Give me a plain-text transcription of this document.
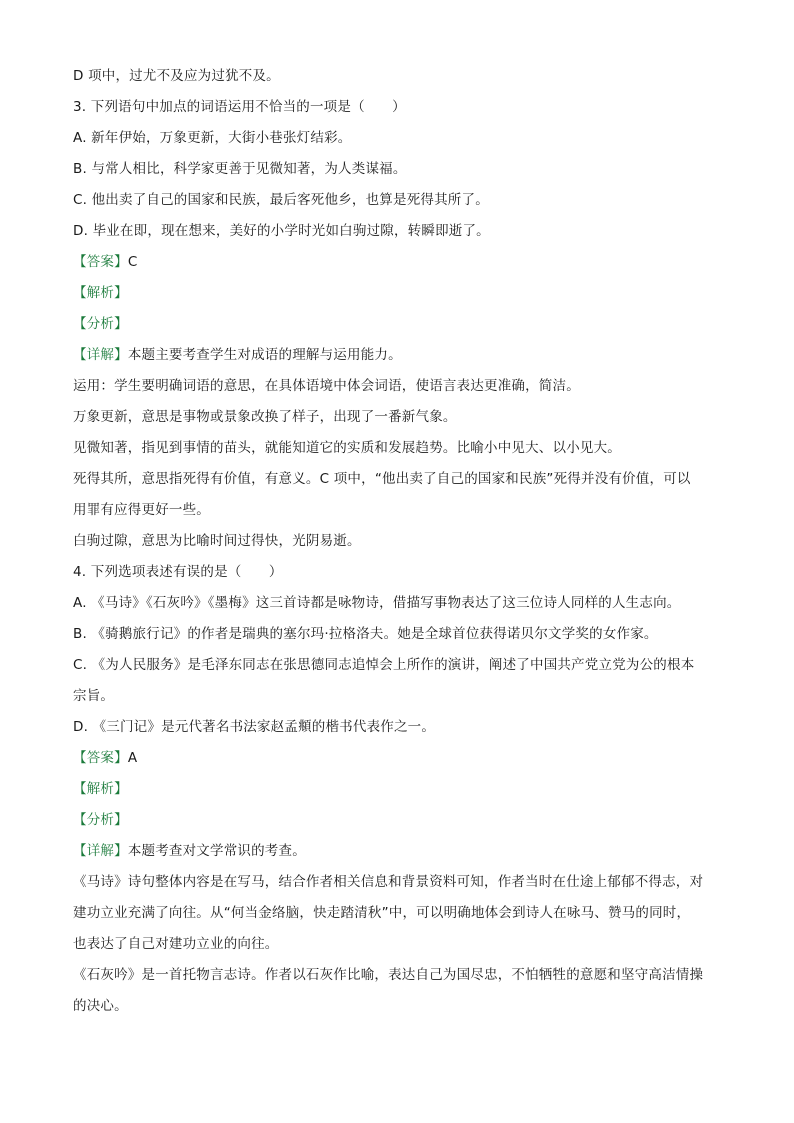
D 项中，过尤不及应为过犹不及。
3. 下列语句中加点的词语运用不恰当的一项是（　　）
A. 新年伊始，万象更新，大街小巷张灯结彩。
B. 与常人相比，科学家更善于见微知著，为人类谋福。
C. 他出卖了自己的国家和民族，最后客死他乡，也算是死得其所了。
D. 毕业在即，现在想来，美好的小学时光如白驹过隙，转瞬即逝了。
【答案】C
【解析】
【分析】
【详解】本题主要考查学生对成语的理解与运用能力。
运用：学生要明确词语的意思，在具体语境中体会词语，使语言表达更准确，简洁。
万象更新，意思是事物或景象改换了样子，出现了一番新气象。
见微知著，指见到事情的苗头，就能知道它的实质和发展趋势。比喻小中见大、以小见大。
死得其所，意思指死得有价值，有意义。C 项中，“他出卖了自己的国家和民族”死得并没有价值，可以
用罪有应得更好一些。
白驹过隙，意思为比喻时间过得快，光阴易逝。
4. 下列选项表述有误的是（　　）
A. 《马诗》《石灰吟》《墨梅》这三首诗都是咏物诗，借描写事物表达了这三位诗人同样的人生志向。
B. 《骑鹅旅行记》的作者是瑞典的塞尔玛·拉格洛夫。她是全球首位获得诺贝尔文学奖的女作家。
C. 《为人民服务》是毛泽东同志在张思德同志追悼会上所作的演讲，阐述了中国共产党立党为公的根本
宗旨。
D. 《三门记》是元代著名书法家赵孟頫的楷书代表作之一。
【答案】A
【解析】
【分析】
【详解】本题考查对文学常识的考查。
《马诗》诗句整体内容是在写马，结合作者相关信息和背景资料可知，作者当时在仕途上郁郁不得志，对
建功立业充满了向往。从“何当金络脑，快走踏清秋”中，可以明确地体会到诗人在咏马、赞马的同时，
也表达了自己对建功立业的向往。
《石灰吟》是一首托物言志诗。作者以石灰作比喻，表达自己为国尽忠，不怕牺牲的意愿和坚守高洁情操
的决心。
